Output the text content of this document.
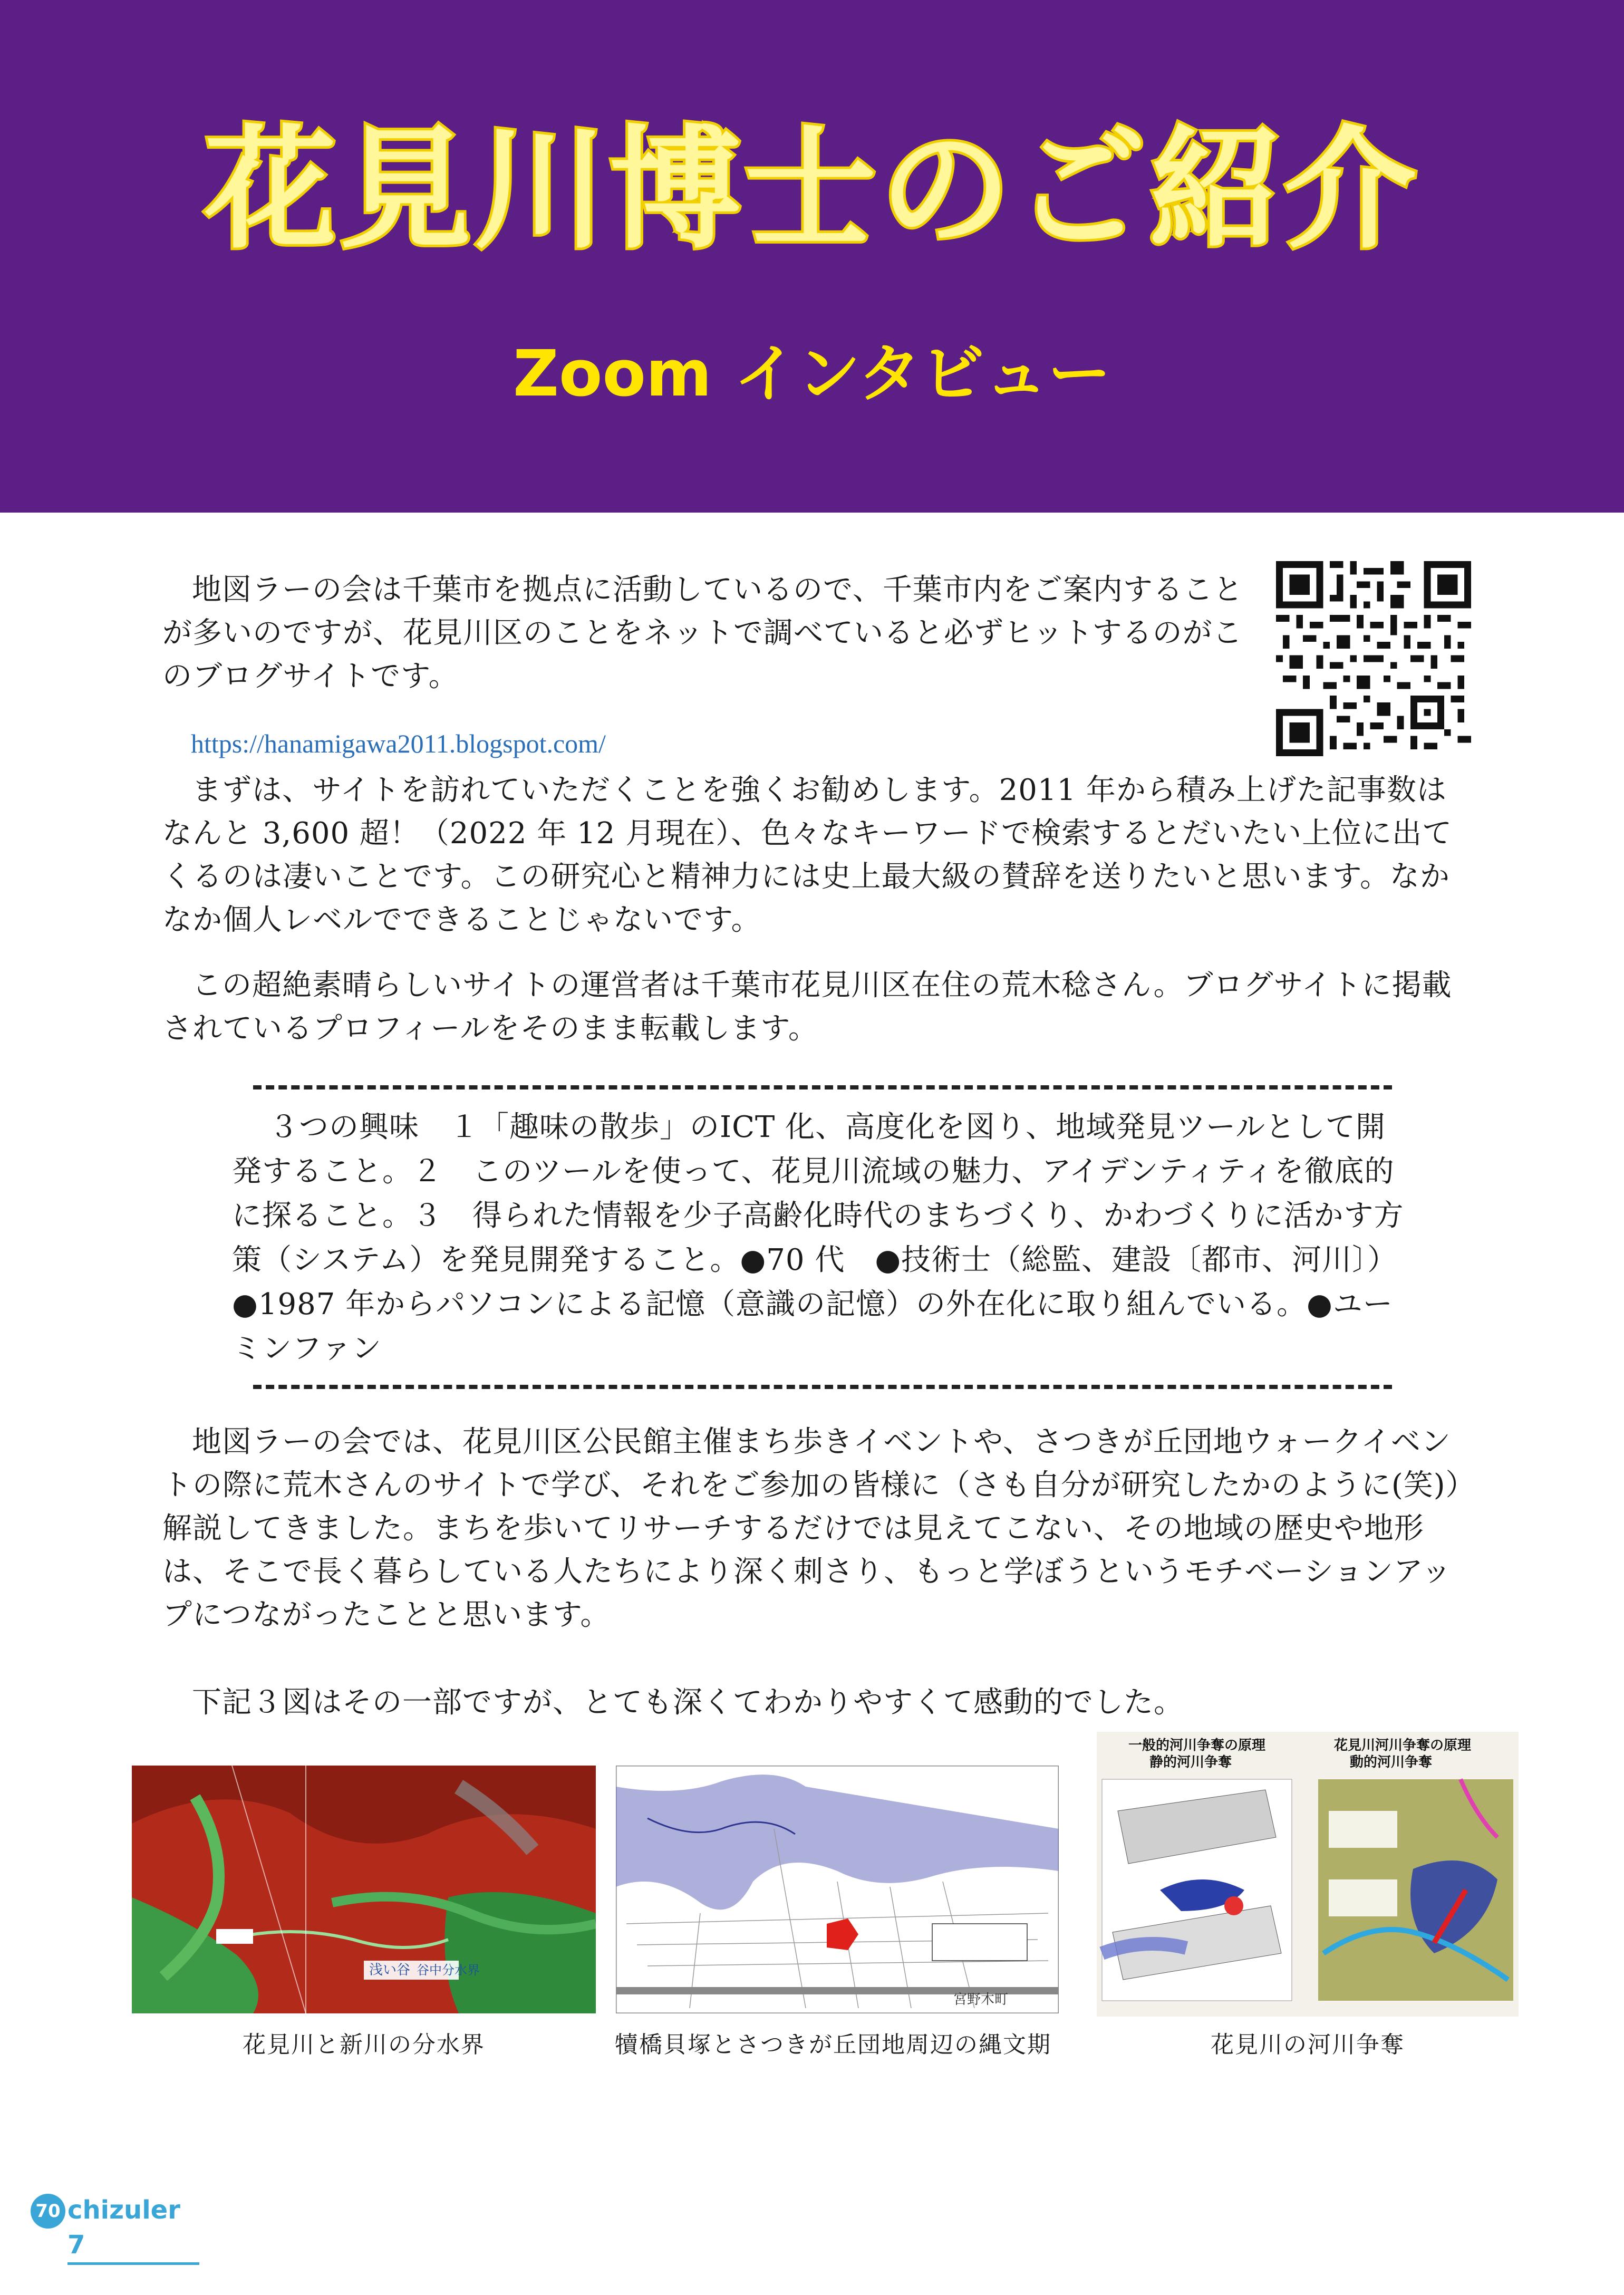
花見川博士のご紹介
Zoom インタビュー

地図ラーの会は千葉市を拠点に活動しているので、千葉市内をご案内することが多いのですが、花見川区のことをネットで調べていると必ずヒットするのがこのブログサイトです。

https://hanamigawa2011.blogspot.com/

まずは、サイトを訪れていただくことを強くお勧めします。2011 年から積み上げた記事数はなんと 3,600 超！（2022 年 12 月現在）、色々なキーワードで検索するとだいたい上位に出てくるのは凄いことです。この研究心と精神力には史上最大級の賛辞を送りたいと思います。なかなか個人レベルでできることじゃないです。

この超絶素晴らしいサイトの運営者は千葉市花見川区在住の荒木稔さん。ブログサイトに掲載されているプロフィールをそのまま転載します。

３つの興味　１「趣味の散歩」のICT 化、高度化を図り、地域発見ツールとして開発すること。２　このツールを使って、花見川流域の魅力、アイデンティティを徹底的に探ること。３　得られた情報を少子高齢化時代のまちづくり、かわづくりに活かす方策（システム）を発見開発すること。●70 代　●技術士（総監、建設〔都市、河川〕）●1987 年からパソコンによる記憶（意識の記憶）の外在化に取り組んでいる。●ユーミンファン

地図ラーの会では、花見川区公民館主催まち歩きイベントや、さつきが丘団地ウォークイベントの際に荒木さんのサイトで学び、それをご参加の皆様に（さも自分が研究したかのように(笑)）解説してきました。まちを歩いてリサーチするだけでは見えてこない、その地域の歴史や地形は、そこで長く暮らしている人たちにより深く刺さり、もっと学ぼうというモチベーションアップにつながったことと思います。

下記３図はその一部ですが、とても深くてわかりやすくて感動的でした。

浅い谷 谷中分水界
宮野木町
一般的河川争奪の原理
静的河川争奪
花見川河川争奪の原理
動的河川争奪
花見川と新川の分水界	犢橋貝塚とさつきが丘団地周辺の縄文期	花見川の河川争奪
70 chizuler 7
